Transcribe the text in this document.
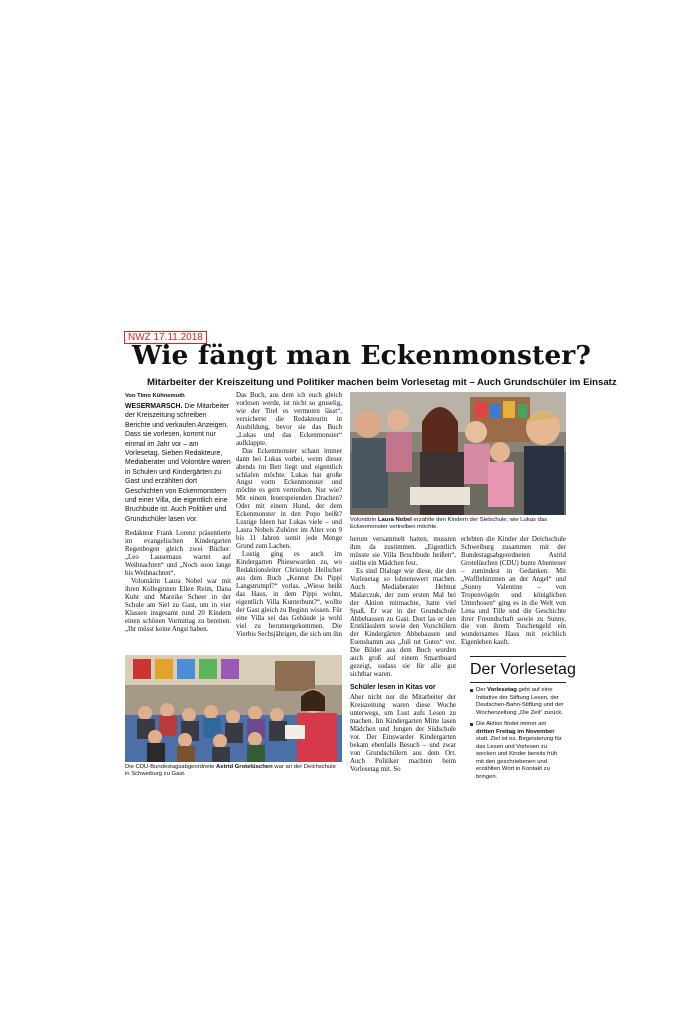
NWZ 17.11.2018
Wie fängt man Eckenmonster?
Mitarbeiter der Kreiszeitung und Politiker machen beim Vorlesetag mit – Auch Grundschüler im Einsatz
Von Timo Kühnemuth
WESERMARSCH. Die Mitarbeiter der Kreiszeitung schreiben Berichte und verkaufen Anzeigen. Dass sie vorlesen, kommt nur einmal im Jahr vor – am Vorlesetag. Sieben Redakteure, Mediaberater und Volontäre waren in Schulen und Kindergärten zu Gast und erzählten dort Geschichten von Eckenmonstern und einer Villa, die eigentlich eine Bruchbude ist. Auch Politiker und Grundschüler lasen vor.

Redakteur Frank Lorenz präsentierte im evangelischen Kindergarten Regenbogen gleich zwei Bücher: „Leo Lausemaus wartet auf Weihnachten“ und „Noch sooo lange bis Weihnachten“.

Volontärin Laura Nobel war mit ihren Kolleginnen Ellen Reim, Dana Kuhr und Mareike Scheer in der Schule am Siel zu Gast, um in vier Klassen insgesamt rund 20 Kindern einen schönen Vormittag zu bereiten. „Ihr müsst keine Angst haben.

Das Buch, aus dem ich euch gleich vorlesen werde, ist nicht so gruselig, wie der Titel es vermuten lässt“, versicherte die Redakteurin in Ausbildung, bevor sie das Buch „Lukas und das Eckenmonster“ aufklappte.

Das Eckenmonster schaut immer dann bei Lukas vorbei, wenn dieser abends im Bett liegt und eigentlich schlafen möchte. Lukas hat große Angst vorm Eckenmonster und möchte es gern vertreiben. Nur wie? Mit einem feuerspeienden Drachen? Oder mit einem Hund, der dem Eckenmonster in den Popo beißt? Lustige Ideen hat Lukas viele – und Laura Nobels Zuhörer im Alter von 9 bis 11 Jahren somit jede Menge Grund zum Lachen.

Lustig ging es auch im Kindergarten Phiesewarden zu, wo Redaktionsleiter Christoph Heilscher aus dem Buch „Kennst Du Pippi Langstrumpf?“ vorlas. „Wieso heißt das Haus, in dem Pippi wohnt, eigentlich Villa Kunterbunt?“, wollte der Gast gleich zu Beginn wissen. Für eine Villa sei das Gebäude ja wohl viel zu heruntergekommen. Die Vierbis Sechsjährigen, die sich um ihn

Volontärin Laura Nobel erzählte den Kindern der Sielschule, wie Lukas das Eckenmonster vertreiben möchte.

herum versammelt hatten, mussten ihm da zustimmen. „Eigentlich müsste sie Villa Bruchbude heißen“, stellte ein Mädchen fest.

Es sind Dialoge wie diese, die den Vorlesetag so lohnenswert machen. Auch Mediaberater Helmut Malarczuk, der zum ersten Mal bei der Aktion mitmachte, hatte viel Spaß. Er war in der Grundschule Abbehausen zu Gast. Dort las er den Erstklässlern sowie den Vorschülern der Kindergärten Abbehausen und Esenshamm aus „Juli tut Gutes“ vor. Die Bilder aus dem Buch wurden auch groß auf einem Smartboard gezeigt, sodass sie für alle gut sichtbar waren.

Schüler lesen in Kitas vor

Aber nicht nur die Mitarbeiter der Kreiszeitung waren diese Woche unterwegs, um Lust aufs Lesen zu machen. Im Kindergarten Mitte lasen Mädchen und Jungen der Südschule vor. Der Einswarder Kindergarten bekam ebenfalls Besuch – und zwar von Grundschülern aus dem Ort. Auch Politiker machten beim Vorlesetag mit. So

erlebten die Kinder der Deichschule Schweiburg zusammen mit der Bundestagsabgeordneten Astrid Grotelüschen (CDU) bunte Abenteuer – zumindest in Gedanken. Mit „Wafflehimmen an der Angel“ und „Sunny Valentine – von Tropenvögeln und königlichen Unterhosen“ ging es in die Welt von Lena und Tille und die Geschichte ihrer Freundschaft sowie zu Sunny, die von ihrem Tuschengeld ein wundersames Haus mit reichlich Eigenleben kauft.

Die CDU-Bundestagsabgeordnete Astrid Grotelüschen war an der Deichschule in Schweiburg zu Gast.
Der Vorlesetag
Der Vorlesetag geht auf eine Initiative der Stiftung Lesen, der Deutschen-Bahn-Stiftung und der Wochenzeitung „Die Zeit“ zurück.
Die Aktion findet immer am dritten Freitag im November statt. Ziel ist es, Begeisterung für das Lesen und Vorlesen zu wecken und Kinder bereits früh mit den geschriebenen und erzählten Wort in Kontakt zu bringen.
